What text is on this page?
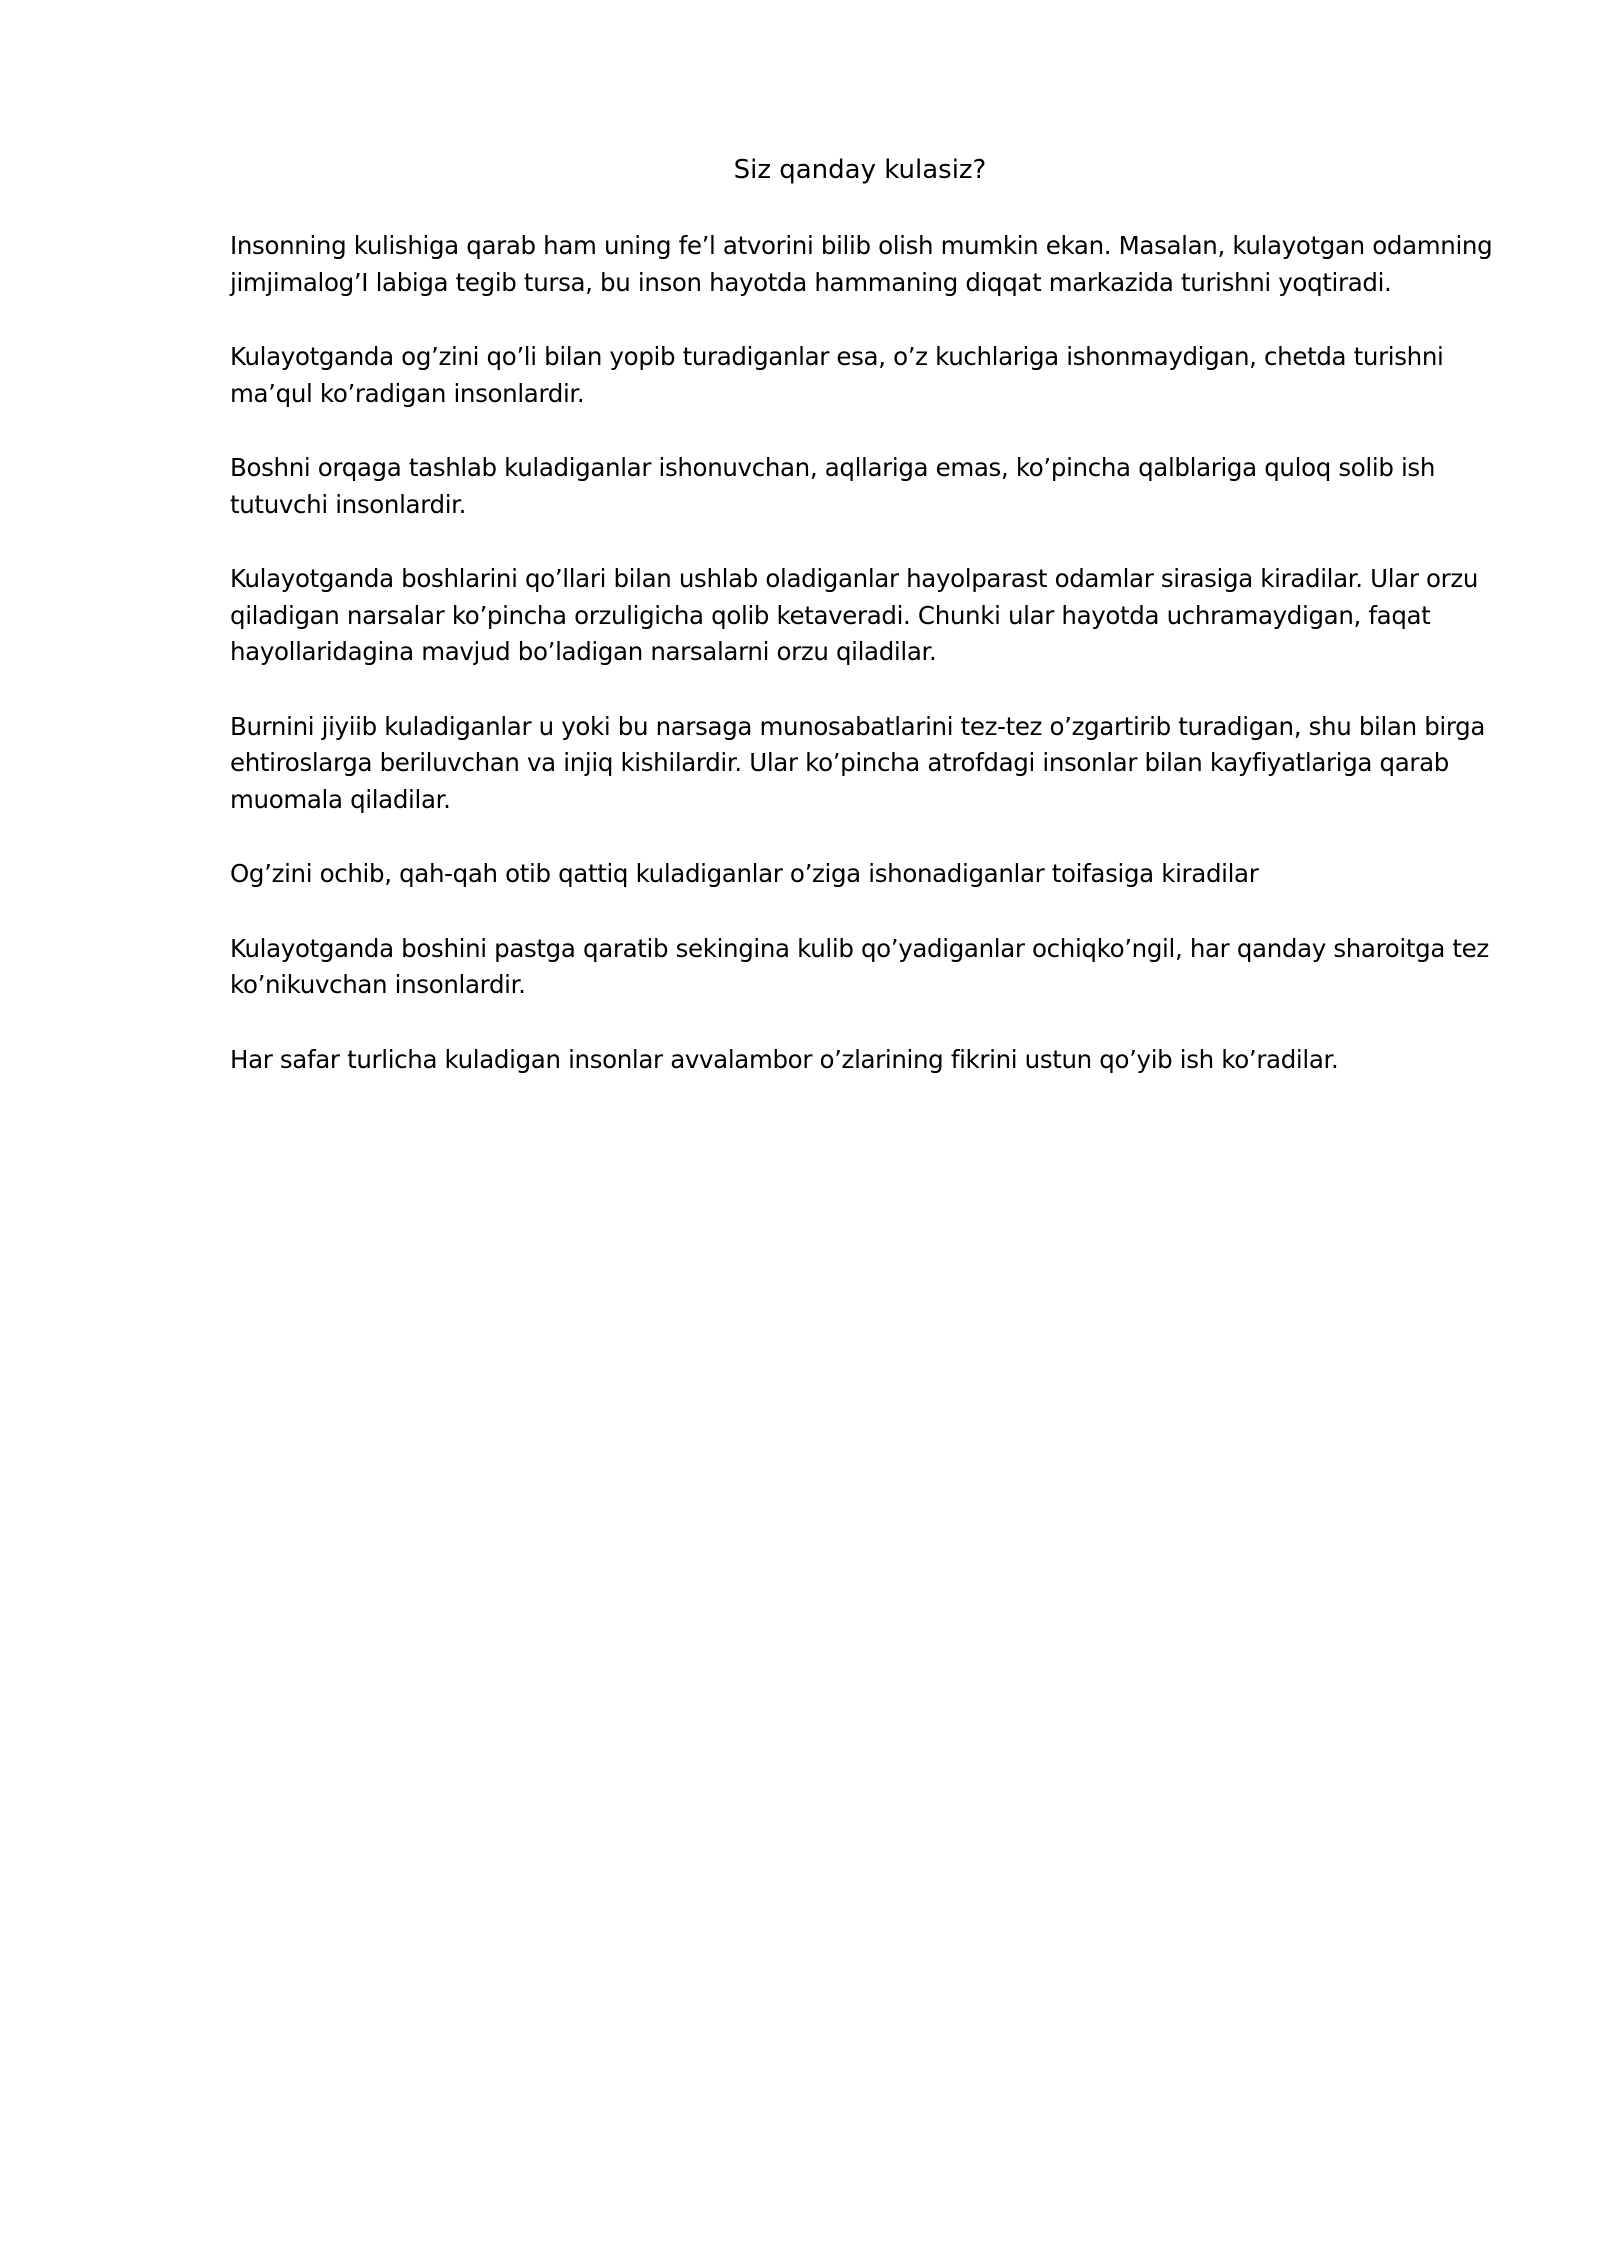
Siz qanday kulasiz?

Insonning kulishiga qarab ham uning fe’l atvorini bilib olish mumkin ekan. Masalan, kulayotgan odamning jimjimalog’I labiga tegib tursa, bu inson hayotda hammaning diqqat markazida turishni yoqtiradi.

Kulayotganda og’zini qo’li bilan yopib turadiganlar esa, o’z kuchlariga ishonmaydigan, chetda turishni ma’qul ko’radigan insonlardir.

Boshni orqaga tashlab kuladiganlar ishonuvchan, aqllariga emas, ko’pincha qalblariga quloq solib ish tutuvchi insonlardir.

Kulayotganda boshlarini qo’llari bilan ushlab oladiganlar hayolparast odamlar sirasiga kiradilar. Ular orzu qiladigan narsalar ko’pincha orzuligicha qolib ketaveradi. Chunki ular hayotda uchramaydigan, faqat hayollaridagina mavjud bo’ladigan narsalarni orzu qiladilar.

Burnini jiyiib kuladiganlar u yoki bu narsaga munosabatlarini tez-tez o’zgartirib turadigan, shu bilan birga ehtiroslarga beriluvchan va injiq kishilardir. Ular ko’pincha atrofdagi insonlar bilan kayfiyatlariga qarab muomala qiladilar.

Og’zini ochib, qah-qah otib qattiq kuladiganlar o’ziga ishonadiganlar toifasiga kiradilar

Kulayotganda boshini pastga qaratib sekingina kulib qo’yadiganlar ochiqko’ngil, har qanday sharoitga tez ko’nikuvchan insonlardir.

Har safar turlicha kuladigan insonlar avvalambor o’zlarining fikrini ustun qo’yib ish ko’radilar.
